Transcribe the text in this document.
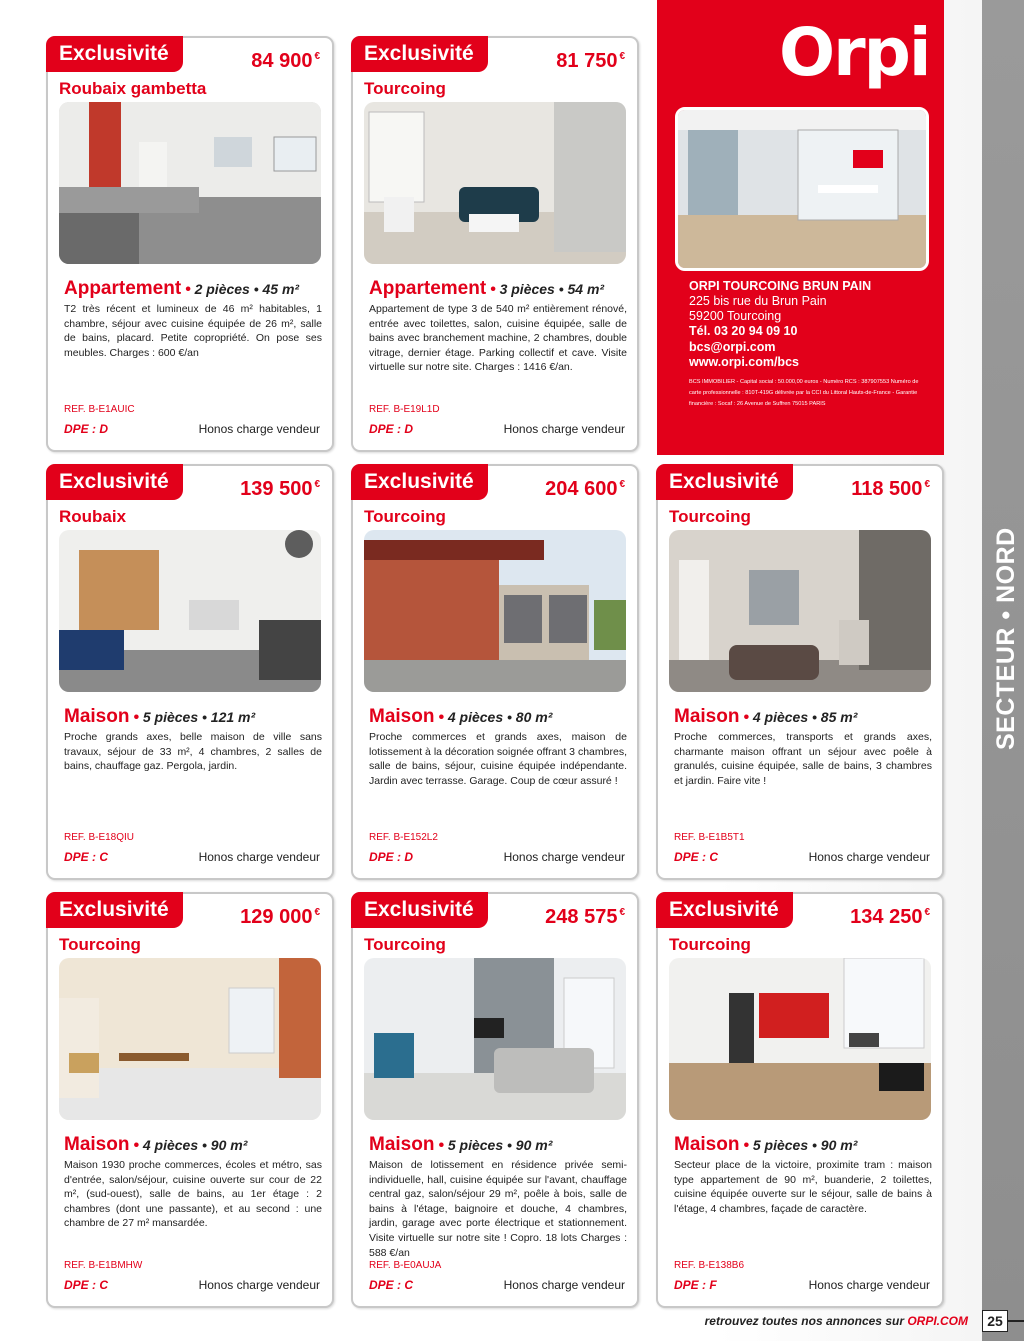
Exclusivité	84 900 €
Roubaix gambetta
Appartement • 2 pièces • 45 m²
T2 très récent et lumineux de 46 m² habitables, 1 chambre, séjour avec cuisine équipée de 26 m², salle de bains, placard. Petite copropriété. On pose ses meubles. Charges : 600 €/an
REF. B-E1AUIC
DPE : D	Honos charge vendeur
Exclusivité	81 750 €
Tourcoing
Appartement • 3 pièces • 54 m²
Appartement de type 3 de 540 m² entièrement rénové, entrée avec toilettes, salon, cuisine équipée, salle de bains avec branchement machine, 2 chambres, double vitrage, dernier étage. Parking collectif et cave. Visite virtuelle sur notre site. Charges : 1416 €/an.
REF. B-E19L1D
DPE : D	Honos charge vendeur
Orpi
ORPI TOURCOING BRUN PAIN
225 bis rue du Brun Pain
59200 Tourcoing
Tél. 03 20 94 09 10
bcs@orpi.com
www.orpi.com/bcs
BCS IMMOBILIER - Capital social : 50.000,00 euros - Numéro RCS : 387907553 Numéro de carte professionnelle : 810T-419G délivrée par la CCI du Littoral Hauts-de-France - Garantie financière : Socaf : 26 Avenue de Suffren 75015 PARIS
Exclusivité	139 500 €
Roubaix
Maison • 5 pièces • 121 m²
Proche grands axes, belle maison de ville sans travaux, séjour de 33 m², 4 chambres, 2 salles de bains, chauffage gaz. Pergola, jardin.
REF. B-E18QIU
DPE : C	Honos charge vendeur
Exclusivité	204 600 €
Tourcoing
Maison • 4 pièces • 80 m²
Proche commerces et grands axes, maison de lotissement à la décoration soignée offrant 3 chambres, salle de bains, séjour, cuisine équipée indépendante. Jardin avec terrasse. Garage. Coup de cœur assuré !
REF. B-E152L2
DPE : D	Honos charge vendeur
Exclusivité	118 500 €
Tourcoing
Maison • 4 pièces • 85 m²
Proche commerces, transports et grands axes, charmante maison offrant un séjour avec poêle à granulés, cuisine équipée, salle de bains, 3 chambres et jardin. Faire vite !
REF. B-E1B5T1
DPE : C	Honos charge vendeur
Exclusivité	129 000 €
Tourcoing
Maison • 4 pièces • 90 m²
Maison 1930 proche commerces, écoles et métro, sas d'entrée, salon/séjour, cuisine ouverte sur cour de 22 m², (sud-ouest), salle de bains, au 1er étage : 2 chambres (dont une passante), et au second : une chambre de 27 m² mansardée.
REF. B-E1BMHW
DPE : C	Honos charge vendeur
Exclusivité	248 575 €
Tourcoing
Maison • 5 pièces • 90 m²
Maison de lotissement en résidence privée semi-individuelle, hall, cuisine équipée sur l'avant, chauffage central gaz, salon/séjour 29 m², poêle à bois, salle de bains à l'étage, baignoire et douche, 4 chambres, jardin, garage avec porte électrique et stationnement. Visite virtuelle sur notre site ! Copro. 18 lots Charges : 588 €/an
REF. B-E0AUJA
DPE : C	Honos charge vendeur
Exclusivité	134 250 €
Tourcoing
Maison • 5 pièces • 90 m²
Secteur place de la victoire, proximite tram : maison type appartement de 90 m², buanderie, 2 toilettes, cuisine équipée ouverte sur le séjour, salle de bains à l'étage, 4 chambres, façade de caractère.
REF. B-E138B6
DPE : F	Honos charge vendeur
SECTEUR • NORD
retrouvez toutes nos annonces sur ORPI.COM	25
